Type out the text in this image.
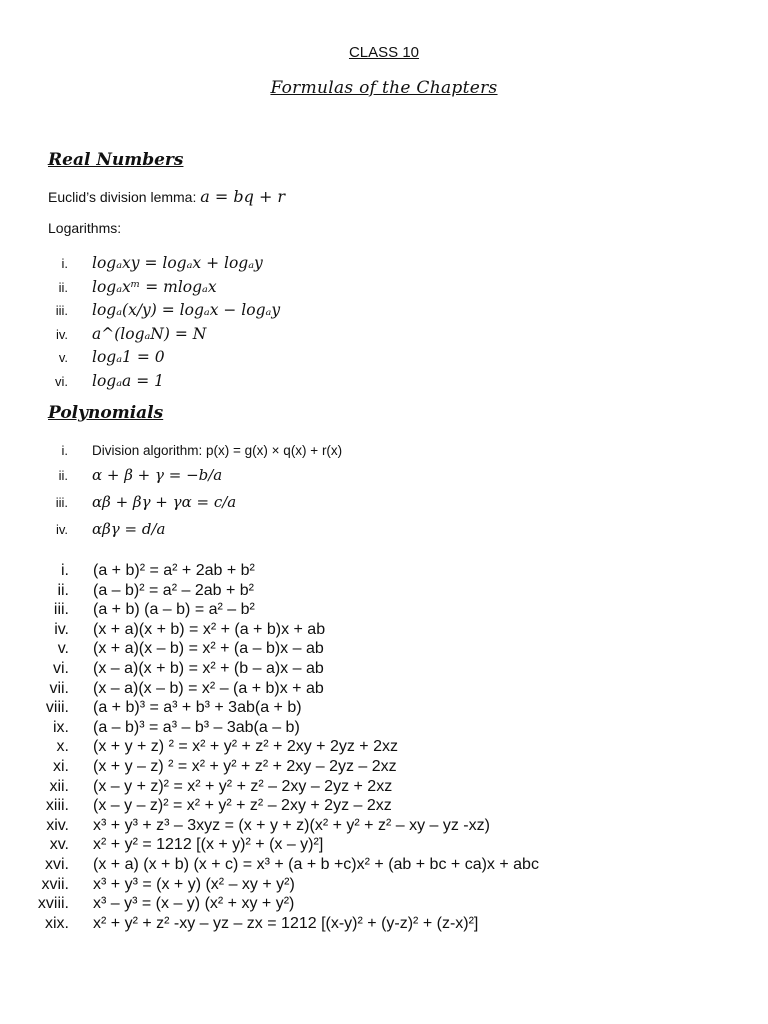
CLASS 10
Formulas of the Chapters
Real Numbers
Euclid’s division lemma: a = bq + r
Logarithms:
i. logₐxy = logₐx + logₐy
ii. logₐxᵐ = mlogₐx
iii. logₐ(x/y) = logₐx − logₐy
iv. a^(logₐN) = N
v. logₐ1 = 0
vi. logₐa = 1
Polynomials
i. Division algorithm: p(x) = g(x) × q(x) + r(x)
ii. α + β + γ = −b/a
iii. αβ + βγ + γα = c/a
iv. αβγ = d/a
i. (a + b)² = a² + 2ab + b²
ii. (a – b)² = a² – 2ab + b²
iii. (a + b) (a – b) = a² – b²
iv. (x + a)(x + b) = x² + (a + b)x + ab
v. (x + a)(x – b) = x² + (a – b)x – ab
vi. (x – a)(x + b) = x² + (b – a)x – ab
vii. (x – a)(x – b) = x² – (a + b)x + ab
viii. (a + b)³ = a³ + b³ + 3ab(a + b)
ix. (a – b)³ = a³ – b³ – 3ab(a – b)
x. (x + y + z) ² = x² + y² + z² + 2xy + 2yz + 2xz
xi. (x + y – z) ² = x² + y² + z² + 2xy – 2yz – 2xz
xii. (x – y + z)² = x² + y² + z² – 2xy – 2yz + 2xz
xiii. (x – y – z)² = x² + y² + z² – 2xy + 2yz – 2xz
xiv. x³ + y³ + z³ – 3xyz = (x + y + z)(x² + y² + z² – xy – yz -xz)
xv. x² + y² = 1212 [(x + y)² + (x – y)²]
xvi. (x + a) (x + b) (x + c) = x³ + (a + b +c)x² + (ab + bc + ca)x + abc
xvii. x³ + y³ = (x + y) (x² – xy + y²)
xviii. x³ – y³ = (x – y) (x² + xy + y²)
xix. x² + y² + z² -xy – yz – zx = 1212 [(x-y)² + (y-z)² + (z-x)²]
